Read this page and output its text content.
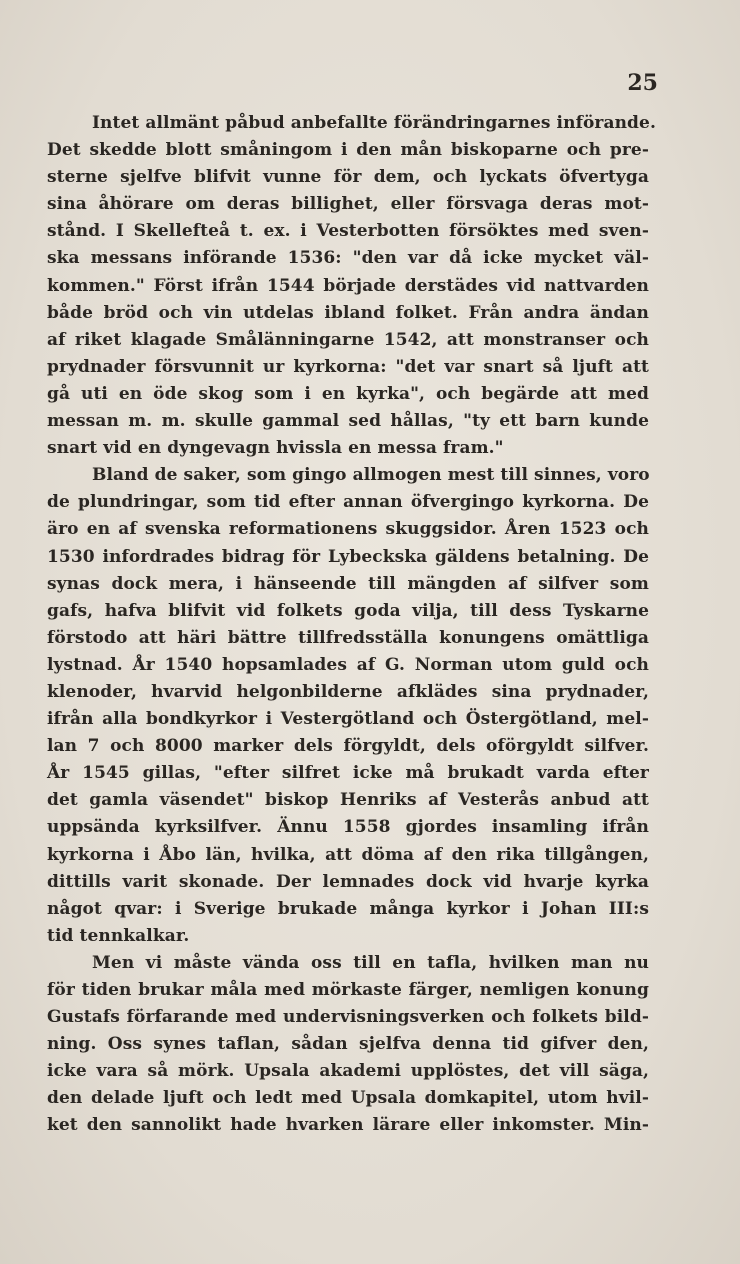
25
Intet allmänt påbud anbefallte förändringarnes införande.
Det skedde blott småningom i den mån biskoparne och pre-
sterne sjelfve blifvit vunne för dem, och lyckats öfvertyga
sina åhörare om deras billighet, eller försvaga deras mot-
stånd. I Skellefteå t. ex. i Vesterbotten försöktes med sven-
ska messans införande 1536: "den var då icke mycket väl-
kommen." Först ifrån 1544 började derstädes vid nattvarden
både bröd och vin utdelas ibland folket. Från andra ändan
af riket klagade Smålänningarne 1542, att monstranser och
prydnader försvunnit ur kyrkorna: "det var snart så ljuft att
gå uti en öde skog som i en kyrka", och begärde att med
messan m. m. skulle gammal sed hållas, "ty ett barn kunde
snart vid en dyngevagn hvissla en messa fram."
Bland de saker, som gingo allmogen mest till sinnes, voro
de plundringar, som tid efter annan öfvergingo kyrkorna. De
äro en af svenska reformationens skuggsidor. Åren 1523 och
1530 infordrades bidrag för Lybeckska gäldens betalning. De
synas dock mera, i hänseende till mängden af silfver som
gafs, hafva blifvit vid folkets goda vilja, till dess Tyskarne
förstodo att häri bättre tillfredsställa konungens omättliga
lystnad. År 1540 hopsamlades af G. Norman utom guld och
klenoder, hvarvid helgonbilderne afklädes sina prydnader,
ifrån alla bondkyrkor i Vestergötland och Östergötland, mel-
lan 7 och 8000 marker dels förgyldt, dels oförgyldt silfver.
År 1545 gillas, "efter silfret icke må brukadt varda efter
det gamla väsendet" biskop Henriks af Vesterås anbud att
uppsända kyrksilfver. Ännu 1558 gjordes insamling ifrån
kyrkorna i Åbo län, hvilka, att döma af den rika tillgången,
dittills varit skonade. Der lemnades dock vid hvarje kyrka
något qvar: i Sverige brukade många kyrkor i Johan III:s
tid tennkalkar.
Men vi måste vända oss till en tafla, hvilken man nu
för tiden brukar måla med mörkaste färger, nemligen konung
Gustafs förfarande med undervisningsverken och folkets bild-
ning. Oss synes taflan, sådan sjelfva denna tid gifver den,
icke vara så mörk. Upsala akademi upplöstes, det vill säga,
den delade ljuft och ledt med Upsala domkapitel, utom hvil-
ket den sannolikt hade hvarken lärare eller inkomster. Min-
